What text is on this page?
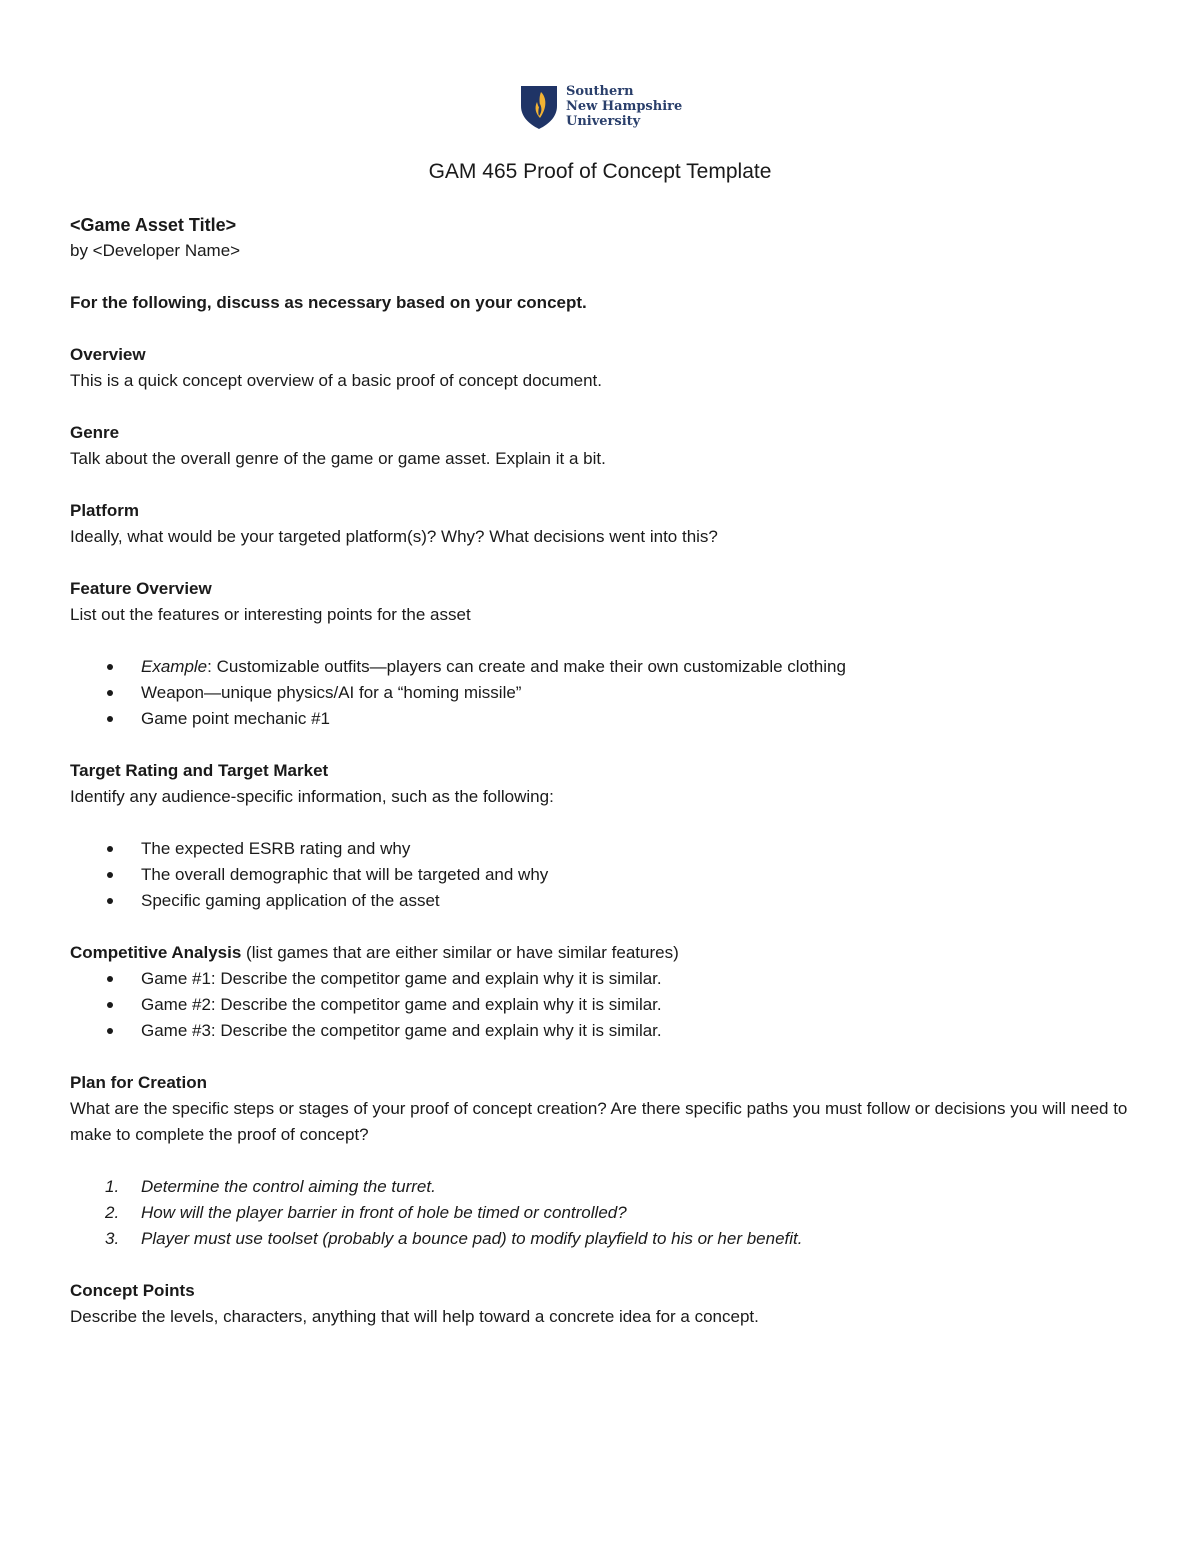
Southern
New Hampshire
University
GAM 465 Proof of Concept Template

<Game Asset Title>

by <Developer Name>

For the following, discuss as necessary based on your concept.

Overview

This is a quick concept overview of a basic proof of concept document.

Genre

Talk about the overall genre of the game or game asset. Explain it a bit.

Platform

Ideally, what would be your targeted platform(s)? Why? What decisions went into this?

Feature Overview

List out the features or interesting points for the asset

Example: Customizable outfits—players can create and make their own customizable clothing
Weapon—unique physics/AI for a “homing missile”
Game point mechanic #1

Target Rating and Target Market

Identify any audience-specific information, such as the following:

The expected ESRB rating and why
The overall demographic that will be targeted and why
Specific gaming application of the asset

Competitive Analysis (list games that are either similar or have similar features)

Game #1: Describe the competitor game and explain why it is similar.
Game #2: Describe the competitor game and explain why it is similar.
Game #3: Describe the competitor game and explain why it is similar.

Plan for Creation

What are the specific steps or stages of your proof of concept creation? Are there specific paths you must follow or decisions you will need to make to complete the proof of concept?

1. Determine the control aiming the turret.
2. How will the player barrier in front of hole be timed or controlled?
3. Player must use toolset (probably a bounce pad) to modify playfield to his or her benefit.

Concept Points

Describe the levels, characters, anything that will help toward a concrete idea for a concept.
